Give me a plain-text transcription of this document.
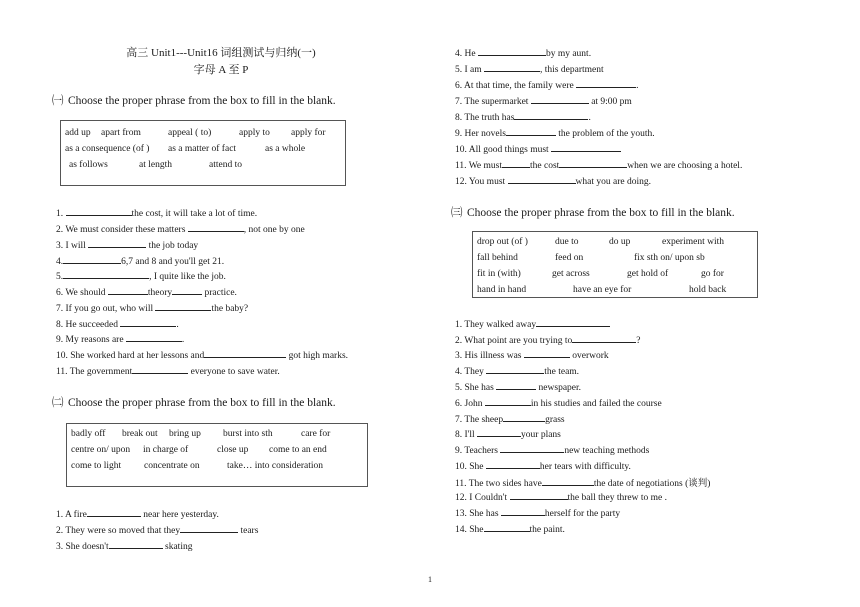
高三 Unit1---Unit16 词组测试与归纳(一)
字母 A 至 P
㈠ Choose the proper phrase from the box to fill in the blank.
add up apart from	appeal ( to)	apply to apply for
as a consequence (of ) as a matter of fact	as a whole
as follows	at length	attend to
1.	the cost, it will take a lot of time.
2. We must consider these matters	, not one by one
3. I will	the job today
4.	6,7 and 8 and you'll get 21.
5.	, I quite like the job.
6. We should	theory	practice.
7. If you go out, who will	the baby?
8. He succeeded	.
9. My reasons are	.
10. She worked hard at her lessons and	got high marks.
11. The government	everyone to save water.
㈡ Choose the proper phrase from the box to fill in the blank.
badly off break out bring up burst into sth	care for
centre on/ upon in charge of	close up come to an end
come to light concentrate on	take… into consideration
1. A fire	near here yesterday.
2. They were so moved that they	tears
3. She doesn't	skating
4. He	by my aunt.
5. I am	, this department
6. At that time, the family were	.
7. The supermarket	at 9:00 pm
8. The truth has	.
9. Her novels	the problem of the youth.
10. All good things must
11. We must	the cost	when we are choosing a hotel.
12. You must	what you are doing.
㈢ Choose the proper phrase from the box to fill in the blank.
drop out (of )	due to	do up	experiment with
fall behind	feed on	fix sth on/ upon sb
fit in (with)	get across	get hold of	go for
hand in hand	have an eye for	hold back
1. They walked away
2. What point are you trying to	?
3. His illness was	overwork
4. They	the team.
5. She has	newspaper.
6. John	in his studies and failed the course
7. The sheep	grass
8. I'll	your plans
9. Teachers	new teaching methods
10. She	her tears with difficulty.
11. The two sides have	the date of negotiations (谈判)
12. I Couldn't	the ball they threw to me .
13. She has	herself for the party
14. She	the paint.
1
